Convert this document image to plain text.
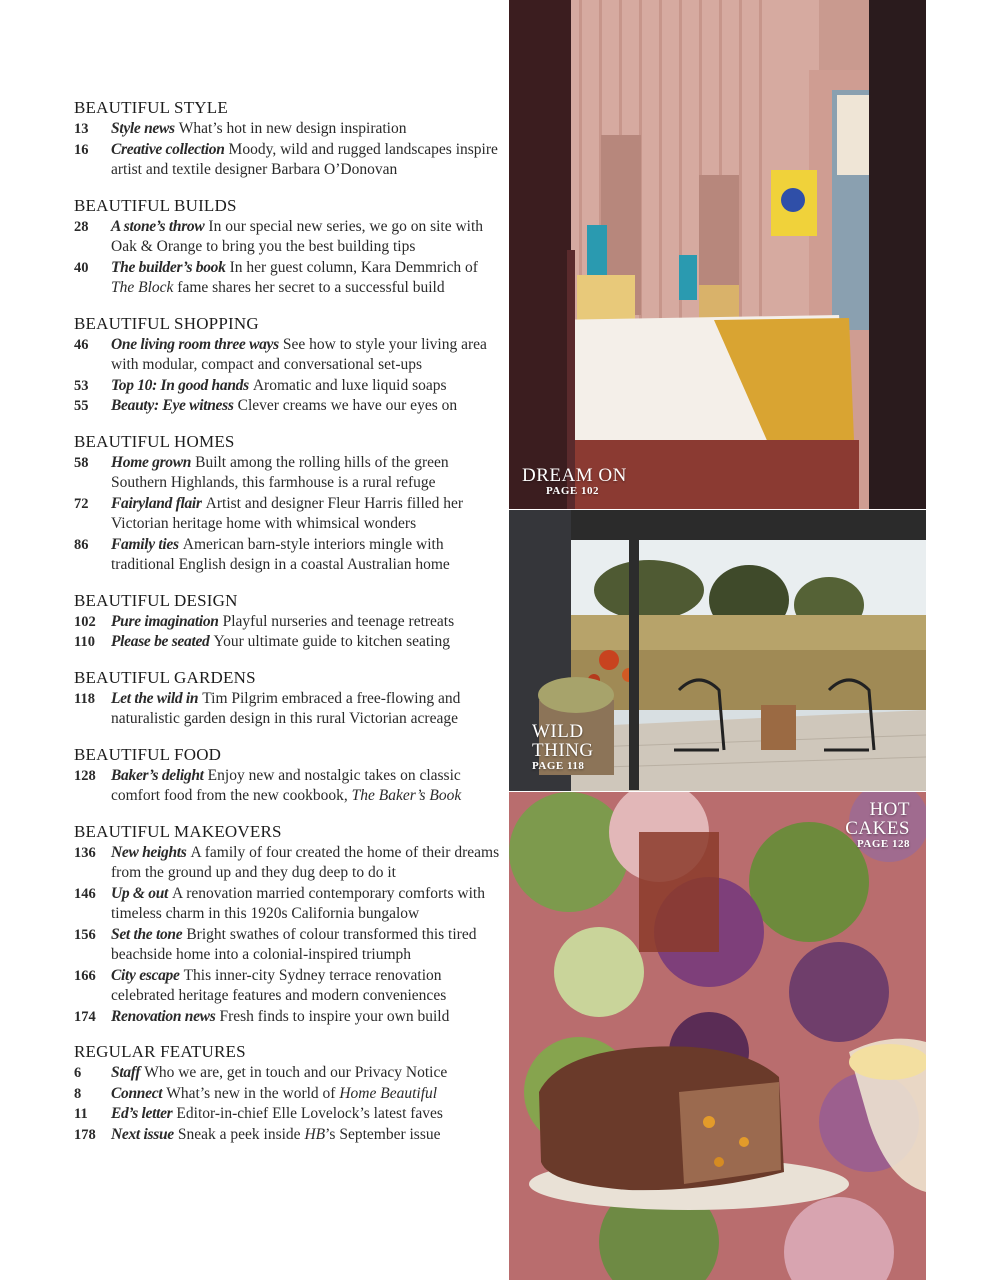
BEAUTIFUL STYLE
13	Style news What’s hot in new design inspiration
16	Creative collection Moody, wild and rugged landscapes inspire artist and textile designer Barbara O’Donovan
BEAUTIFUL BUILDS
28	A stone’s throw In our special new series, we go on site with Oak & Orange to bring you the best building tips
40	The builder’s book In her guest column, Kara Demmrich of The Block fame shares her secret to a successful build
BEAUTIFUL SHOPPING
46	One living room three ways See how to style your living area with modular, compact and conversational set-ups
53	Top 10: In good hands Aromatic and luxe liquid soaps
55	Beauty: Eye witness Clever creams we have our eyes on
BEAUTIFUL HOMES
58	Home grown Built among the rolling hills of the green Southern Highlands, this farmhouse is a rural refuge
72	Fairyland flair Artist and designer Fleur Harris filled her Victorian heritage home with whimsical wonders
86	Family ties American barn-style interiors mingle with traditional English design in a coastal Australian home
BEAUTIFUL DESIGN
102 Pure imagination Playful nurseries and teenage retreats
110	Please be seated Your ultimate guide to kitchen seating
BEAUTIFUL GARDENS
118	Let the wild in Tim Pilgrim embraced a free-flowing and naturalistic garden design in this rural Victorian acreage
BEAUTIFUL FOOD
128 Baker’s delight Enjoy new and nostalgic takes on classic comfort food from the new cookbook, The Baker’s Book
BEAUTIFUL MAKEOVERS
136 New heights A family of four created the home of their dreams from the ground up and they dug deep to do it
146 Up & out A renovation married contemporary comforts with timeless charm in this 1920s California bungalow
156 Set the tone Bright swathes of colour transformed this tired beachside home into a colonial-inspired triumph
166 City escape This inner-city Sydney terrace renovation celebrated heritage features and modern conveniences
174 Renovation news Fresh finds to inspire your own build
REGULAR FEATURES
6	Staff Who we are, get in touch and our Privacy Notice
8	Connect What’s new in the world of Home Beautiful
11	Ed’s letter Editor-in-chief Elle Lovelock’s latest faves
178 Next issue Sneak a peek inside HB’s September issue
DREAM ON
PAGE 102
WILD
THING
PAGE 118
HOT
CAKES
PAGE 128
